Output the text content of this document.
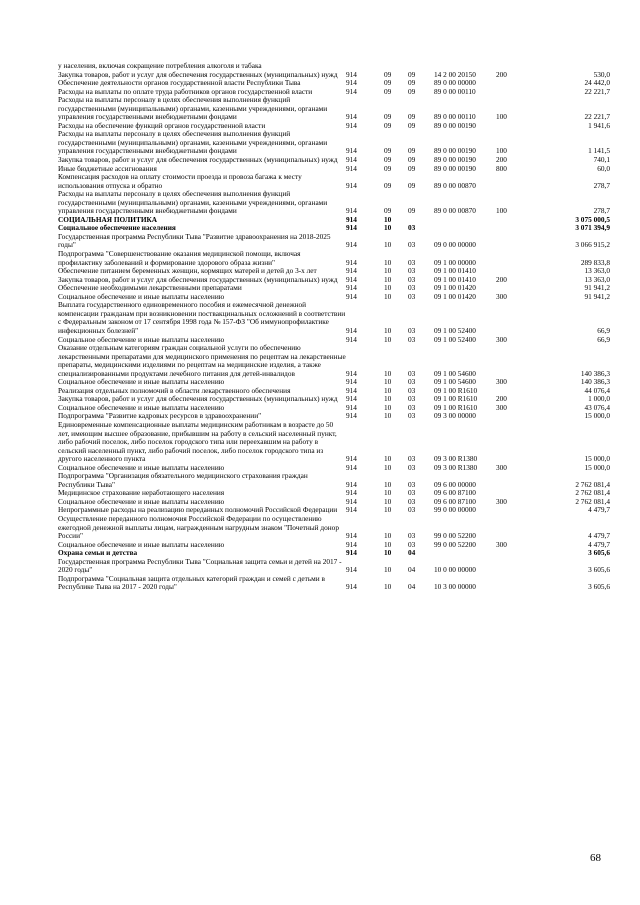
у населения, включая сокращение потребления алкоголя и табака						
Закупка товаров, работ и услуг для обеспечения государственных (муниципальных) нужд	914	09	09	14 2 00 20150	200	530,0
Обеспечение деятельности органов государственной власти Республики Тыва	914	09	09	89 0 00 00000		24 442,0
Расходы на выплаты по оплате труда работников органов государственной власти	914	09	09	89 0 00 00110		22 221,7
Расходы на выплаты персоналу в целях обеспечения выполнения функций государственными (муниципальными) органами, казенными учреждениями, органами управления государственными внебюджетными фондами	914	09	09	89 0 00 00110	100	22 221,7
Расходы на обеспечение функций органов государственной власти	914	09	09	89 0 00 00190		1 941,6
Расходы на выплаты персоналу в целях обеспечения выполнения функций государственными (муниципальными) органами, казенными учреждениями, органами управления государственными внебюджетными фондами	914	09	09	89 0 00 00190	100	1 141,5
Закупка товаров, работ и услуг для обеспечения государственных (муниципальных) нужд	914	09	09	89 0 00 00190	200	740,1
Иные бюджетные ассигнования	914	09	09	89 0 00 00190	800	60,0
Компенсация расходов на оплату стоимости проезда и провоза багажа к месту использования отпуска и обратно	914	09	09	89 0 00 00870		278,7
Расходы на выплаты персоналу в целях обеспечения выполнения функций государственными (муниципальными) органами, казенными учреждениями, органами управления государственными внебюджетными фондами	914	09	09	89 0 00 00870	100	278,7
СОЦИАЛЬНАЯ ПОЛИТИКА	914	10				3 075 000,5
Социальное обеспечение населения	914	10	03			3 071 394,9
Государственная программа Республики Тыва "Развитие здравоохранения на 2018-2025 годы"	914	10	03	09 0 00 00000		3 066 915,2
Подпрограмма "Совершенствование оказания медицинской помощи, включая профилактику заболеваний и формирование здорового образа жизни"	914	10	03	09 1 00 00000		289 833,8
Обеспечение питанием беременных женщин, кормящих матерей и детей до 3-х лет	914	10	03	09 1 00 01410		13 363,0
Закупка товаров, работ и услуг для обеспечения государственных (муниципальных) нужд	914	10	03	09 1 00 01410	200	13 363,0
Обеспечение необходимыми лекарственными препаратами	914	10	03	09 1 00 01420		91 941,2
Социальное обеспечение и иные выплаты населению	914	10	03	09 1 00 01420	300	91 941,2
Выплата государственного единовременного пособия и ежемесячной денежной компенсации гражданам при возникновении поствакцинальных осложнений в соответствии с Федеральным законом от 17 сентября 1998 года № 157-ФЗ "Об иммунопрофилактике инфекционных болезней"	914	10	03	09 1 00 52400		66,9
Социальное обеспечение и иные выплаты населению	914	10	03	09 1 00 52400	300	66,9
Оказание отдельным категориям граждан социальной услуги по обеспечению лекарственными препаратами для медицинского применения по рецептам на лекарственные препараты, медицинскими изделиями по рецептам на медицинские изделия, а также специализированными продуктами лечебного питания для детей-инвалидов	914	10	03	09 1 00 54600		140 386,3
Социальное обеспечение и иные выплаты населению	914	10	03	09 1 00 54600	300	140 386,3
Реализация отдельных полномочий в области лекарственного обеспечения	914	10	03	09 1 00 R1610		44 076,4
Закупка товаров, работ и услуг для обеспечения государственных (муниципальных) нужд	914	10	03	09 1 00 R1610	200	1 000,0
Социальное обеспечение и иные выплаты населению	914	10	03	09 1 00 R1610	300	43 076,4
Подпрограмма "Развитие кадровых ресурсов в здравоохранении"	914	10	03	09 3 00 00000		15 000,0
Единовременные компенсационные выплаты медицинским работникам в возрасте до 50 лет, имеющим высшее образование, прибывшим на работу в сельский населенный пункт, либо рабочий поселок, либо поселок городского типа или переехавшим на работу в сельский населенный пункт, либо рабочий поселок, либо поселок городского типа из другого населенного пункта	914	10	03	09 3 00 R1380		15 000,0
Социальное обеспечение и иные выплаты населению	914	10	03	09 3 00 R1380	300	15 000,0
Подпрограмма "Организация обязательного медицинского страхования граждан Республики Тыва"	914	10	03	09 6 00 00000		2 762 081,4
Медицинское страхование неработающего населения	914	10	03	09 6 00 87100		2 762 081,4
Социальное обеспечение и иные выплаты населению	914	10	03	09 6 00 87100	300	2 762 081,4
Непрограммные расходы на реализацию переданных полномочий Российской Федерации	914	10	03	99 0 00 00000		4 479,7
Осуществление переданного полномочия Российской Федерации по осуществлению ежегодной денежной выплаты лицам, награжденным нагрудным знаком "Почетный донор России"	914	10	03	99 0 00 52200		4 479,7
Социальное обеспечение и иные выплаты населению	914	10	03	99 0 00 52200	300	4 479,7
Охрана семьи и детства	914	10	04			3 605,6
Государственная программа Республики Тыва "Социальная защита семьи и детей на 2017 - 2020 годы"	914	10	04	10 0 00 00000		3 605,6
Подпрограмма "Социальная защита отдельных категорий граждан и семей с детьми в Республике Тыва на 2017 - 2020 годы"	914	10	04	10 3 00 00000		3 605,6
68
